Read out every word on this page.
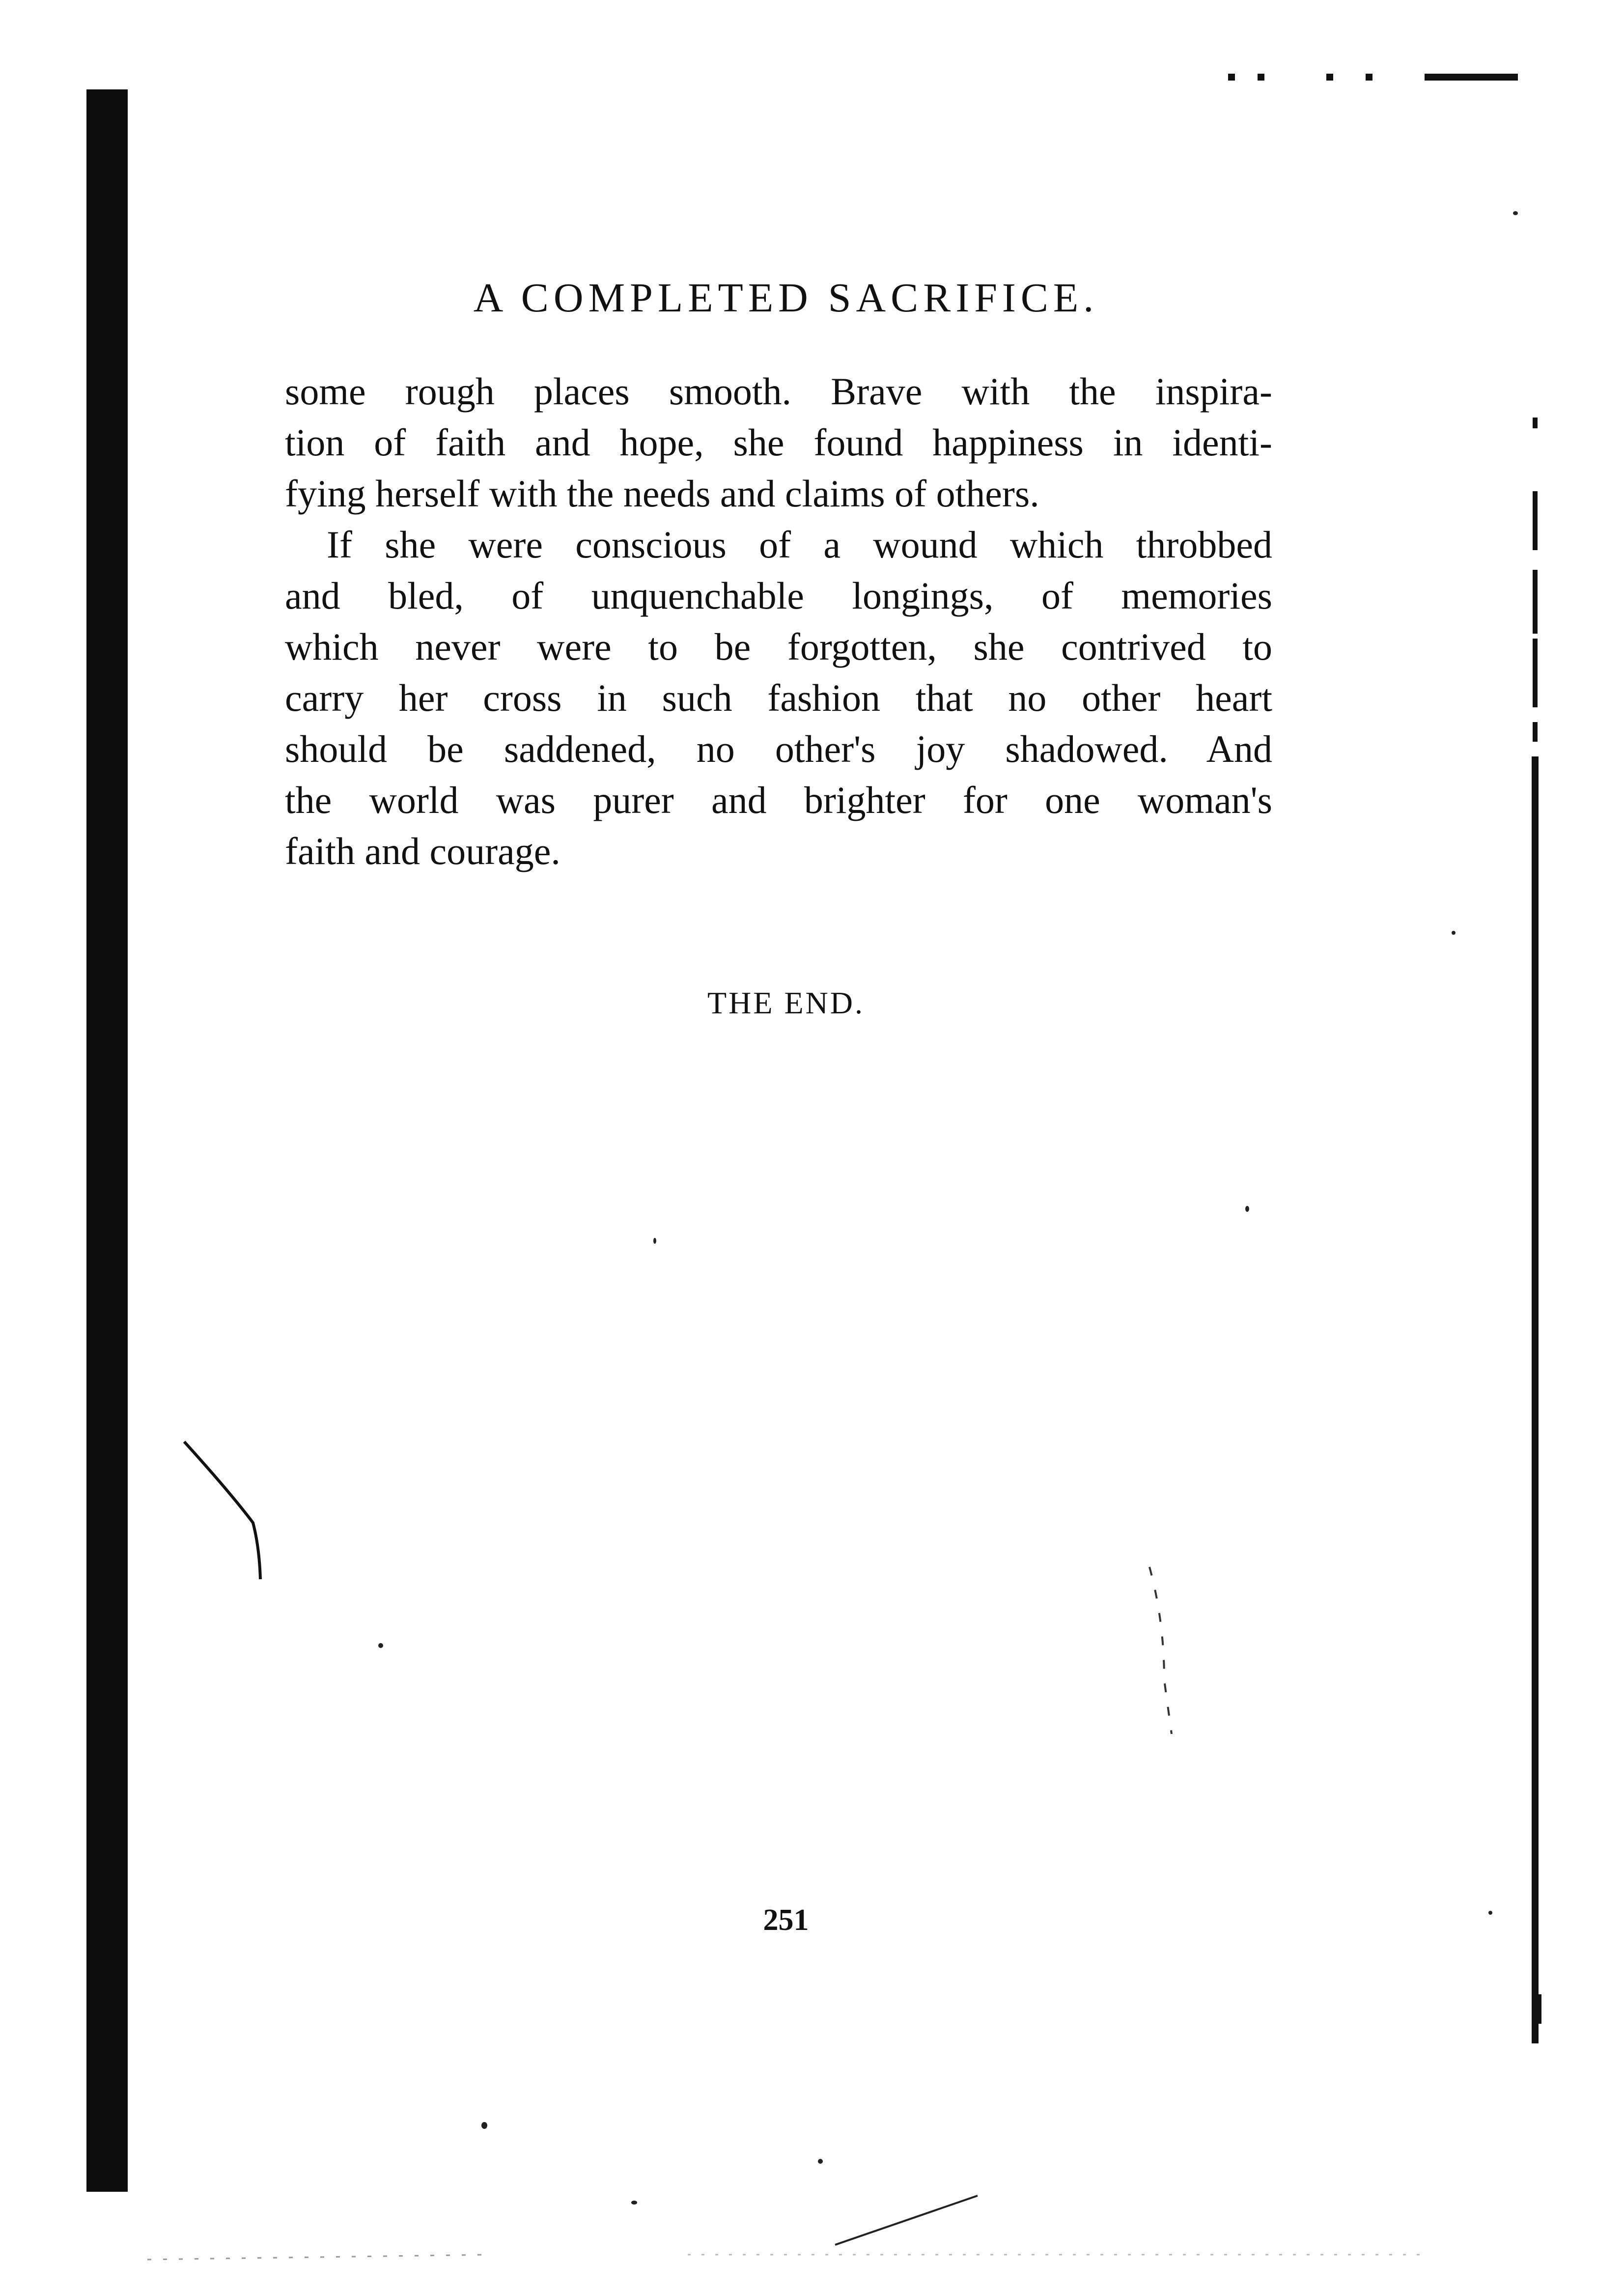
A COMPLETED SACRIFICE.
some rough places smooth. Brave with the inspira-
tion of faith and hope, she found happiness in identi-
fying herself with the needs and claims of others.
If she were conscious of a wound which throbbed
and bled, of unquenchable longings, of memories
which never were to be forgotten, she contrived to
carry her cross in such fashion that no other heart
should be saddened, no other's joy shadowed. And
the world was purer and brighter for one woman's
faith and courage.
THE END.
251
